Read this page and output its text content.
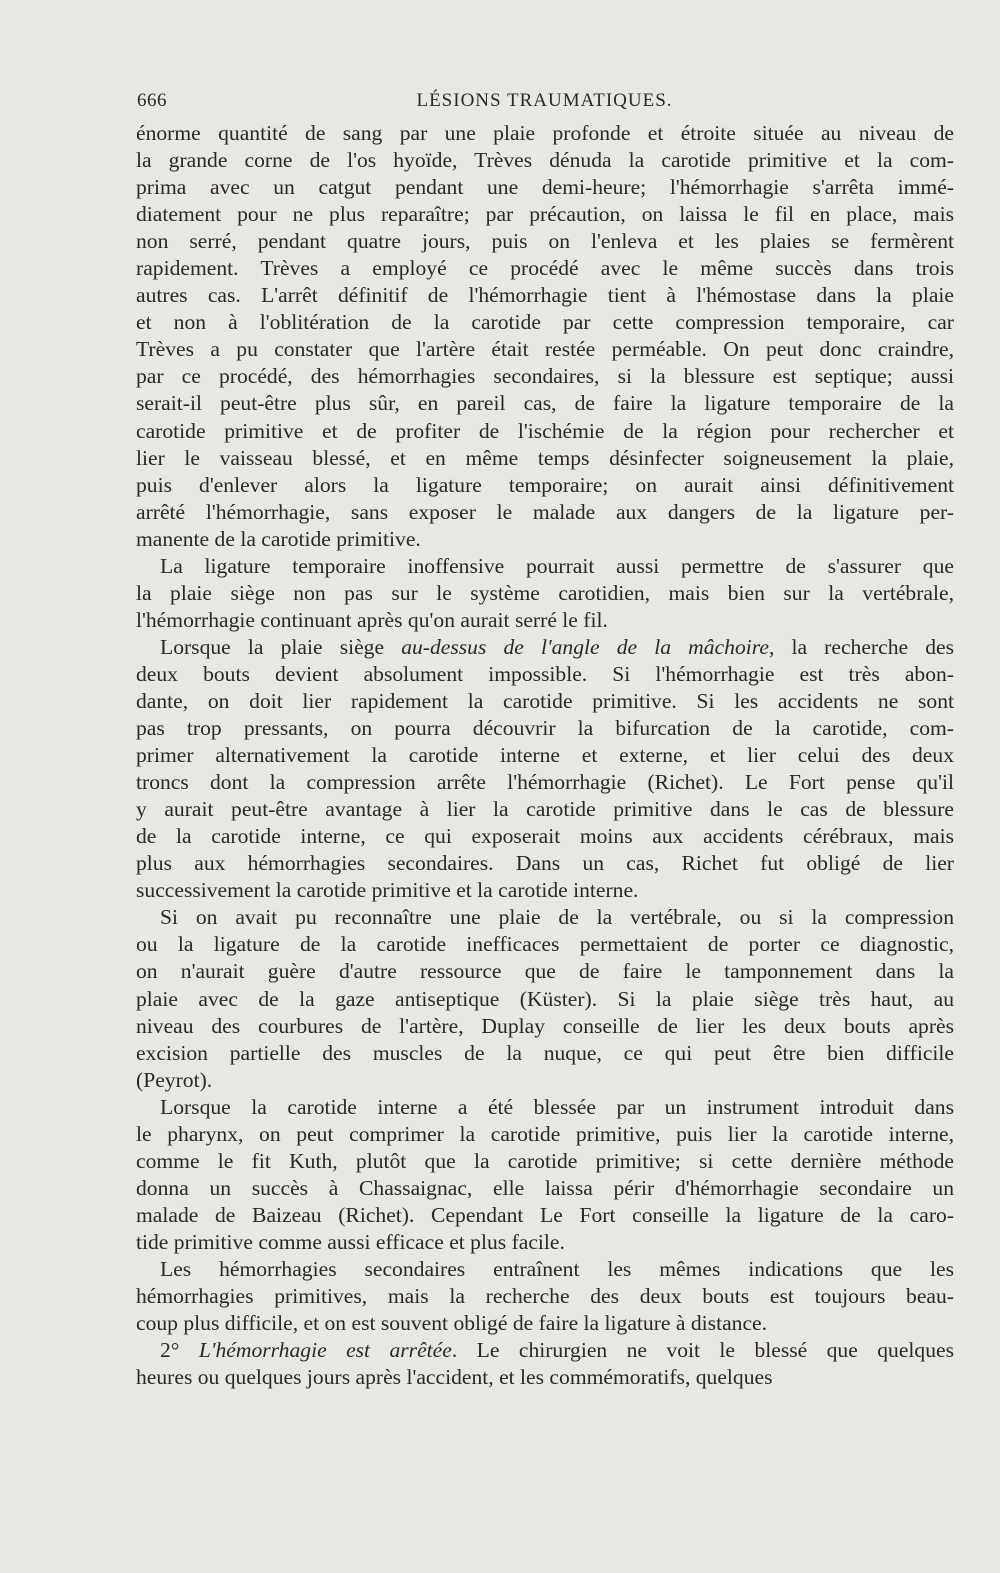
666	LÉSIONS TRAUMATIQUES.

énorme quantité de sang par une plaie profonde et étroite située au niveau de
la grande corne de l'os hyoïde, Trèves dénuda la carotide primitive et la com-
prima avec un catgut pendant une demi-heure; l'hémorrhagie s'arrêta immé-
diatement pour ne plus reparaître; par précaution, on laissa le fil en place, mais
non serré, pendant quatre jours, puis on l'enleva et les plaies se fermèrent
rapidement. Trèves a employé ce procédé avec le même succès dans trois
autres cas. L'arrêt définitif de l'hémorrhagie tient à l'hémostase dans la plaie
et non à l'oblitération de la carotide par cette compression temporaire, car
Trèves a pu constater que l'artère était restée perméable. On peut donc craindre,
par ce procédé, des hémorrhagies secondaires, si la blessure est septique; aussi
serait-il peut-être plus sûr, en pareil cas, de faire la ligature temporaire de la
carotide primitive et de profiter de l'ischémie de la région pour rechercher et
lier le vaisseau blessé, et en même temps désinfecter soigneusement la plaie,
puis d'enlever alors la ligature temporaire; on aurait ainsi définitivement
arrêté l'hémorrhagie, sans exposer le malade aux dangers de la ligature per-
manente de la carotide primitive.

La ligature temporaire inoffensive pourrait aussi permettre de s'assurer que
la plaie siège non pas sur le système carotidien, mais bien sur la vertébrale,
l'hémorrhagie continuant après qu'on aurait serré le fil.

Lorsque la plaie siège au-dessus de l'angle de la mâchoire, la recherche des
deux bouts devient absolument impossible. Si l'hémorrhagie est très abon-
dante, on doit lier rapidement la carotide primitive. Si les accidents ne sont
pas trop pressants, on pourra découvrir la bifurcation de la carotide, com-
primer alternativement la carotide interne et externe, et lier celui des deux
troncs dont la compression arrête l'hémorrhagie (Richet). Le Fort pense qu'il
y aurait peut-être avantage à lier la carotide primitive dans le cas de blessure
de la carotide interne, ce qui exposerait moins aux accidents cérébraux, mais
plus aux hémorrhagies secondaires. Dans un cas, Richet fut obligé de lier
successivement la carotide primitive et la carotide interne.

Si on avait pu reconnaître une plaie de la vertébrale, ou si la compression
ou la ligature de la carotide inefficaces permettaient de porter ce diagnostic,
on n'aurait guère d'autre ressource que de faire le tamponnement dans la
plaie avec de la gaze antiseptique (Küster). Si la plaie siège très haut, au
niveau des courbures de l'artère, Duplay conseille de lier les deux bouts après
excision partielle des muscles de la nuque, ce qui peut être bien difficile
(Peyrot).

Lorsque la carotide interne a été blessée par un instrument introduit dans
le pharynx, on peut comprimer la carotide primitive, puis lier la carotide interne,
comme le fit Kuth, plutôt que la carotide primitive; si cette dernière méthode
donna un succès à Chassaignac, elle laissa périr d'hémorrhagie secondaire un
malade de Baizeau (Richet). Cependant Le Fort conseille la ligature de la caro-
tide primitive comme aussi efficace et plus facile.

Les hémorrhagies secondaires entraînent les mêmes indications que les
hémorrhagies primitives, mais la recherche des deux bouts est toujours beau-
coup plus difficile, et on est souvent obligé de faire la ligature à distance.

2° L'hémorrhagie est arrêtée. Le chirurgien ne voit le blessé que quelques
heures ou quelques jours après l'accident, et les commémoratifs, quelques
